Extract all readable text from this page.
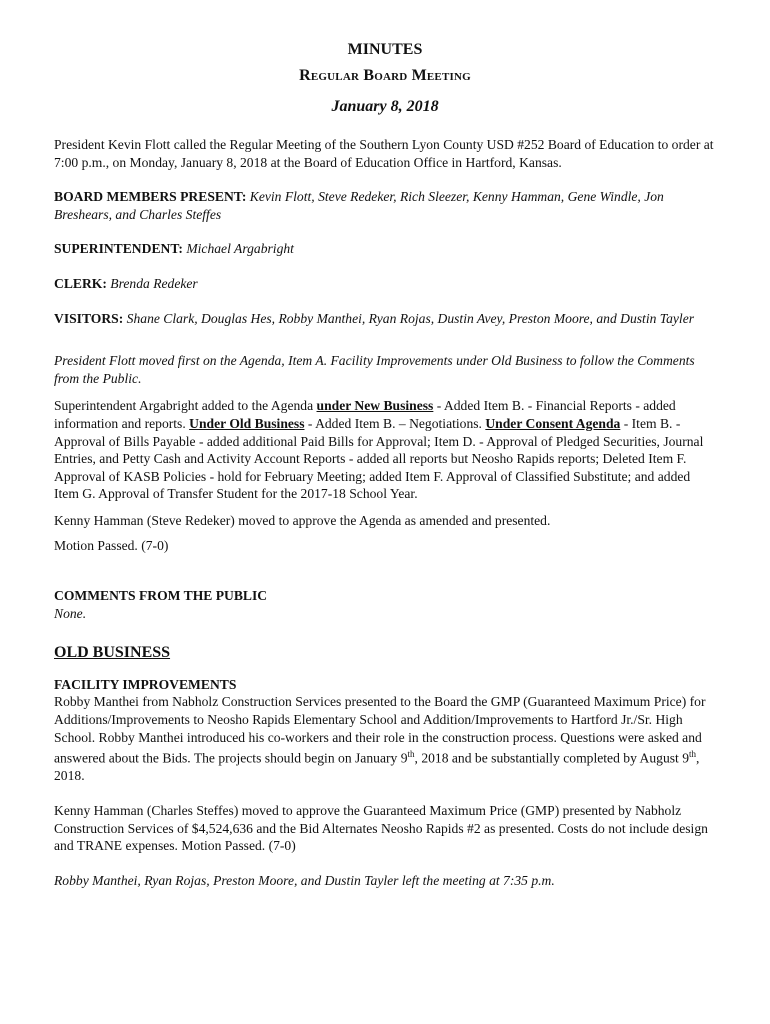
MINUTES
Regular Board Meeting
January 8, 2018

President Kevin Flott called the Regular Meeting of the Southern Lyon County USD #252 Board of Education to order at 7:00 p.m., on Monday, January 8, 2018 at the Board of Education Office in Hartford, Kansas.

BOARD MEMBERS PRESENT: Kevin Flott, Steve Redeker, Rich Sleezer, Kenny Hamman, Gene Windle, Jon Breshears, and Charles Steffes

SUPERINTENDENT: Michael Argabright

CLERK: Brenda Redeker

VISITORS: Shane Clark, Douglas Hes, Robby Manthei, Ryan Rojas, Dustin Avey, Preston Moore, and Dustin Tayler

President Flott moved first on the Agenda, Item A. Facility Improvements under Old Business to follow the Comments from the Public.

Superintendent Argabright added to the Agenda under New Business - Added Item B. - Financial Reports - added information and reports. Under Old Business - Added Item B. – Negotiations. Under Consent Agenda - Item B. - Approval of Bills Payable - added additional Paid Bills for Approval; Item D. - Approval of Pledged Securities, Journal Entries, and Petty Cash and Activity Account Reports - added all reports but Neosho Rapids reports; Deleted Item F. Approval of KASB Policies - hold for February Meeting; added Item F. Approval of Classified Substitute; and added Item G. Approval of Transfer Student for the 2017-18 School Year.

Kenny Hamman (Steve Redeker) moved to approve the Agenda as amended and presented.

Motion Passed. (7-0)

COMMENTS FROM THE PUBLIC

None.

OLD BUSINESS

FACILITY IMPROVEMENTS

Robby Manthei from Nabholz Construction Services presented to the Board the GMP (Guaranteed Maximum Price) for Additions/Improvements to Neosho Rapids Elementary School and Addition/Improvements to Hartford Jr./Sr. High School. Robby Manthei introduced his co-workers and their role in the construction process. Questions were asked and answered about the Bids. The projects should begin on January 9th, 2018 and be substantially completed by August 9th, 2018.

Kenny Hamman (Charles Steffes) moved to approve the Guaranteed Maximum Price (GMP) presented by Nabholz Construction Services of $4,524,636 and the Bid Alternates Neosho Rapids #2 as presented. Costs do not include design and TRANE expenses. Motion Passed. (7-0)

Robby Manthei, Ryan Rojas, Preston Moore, and Dustin Tayler left the meeting at 7:35 p.m.
